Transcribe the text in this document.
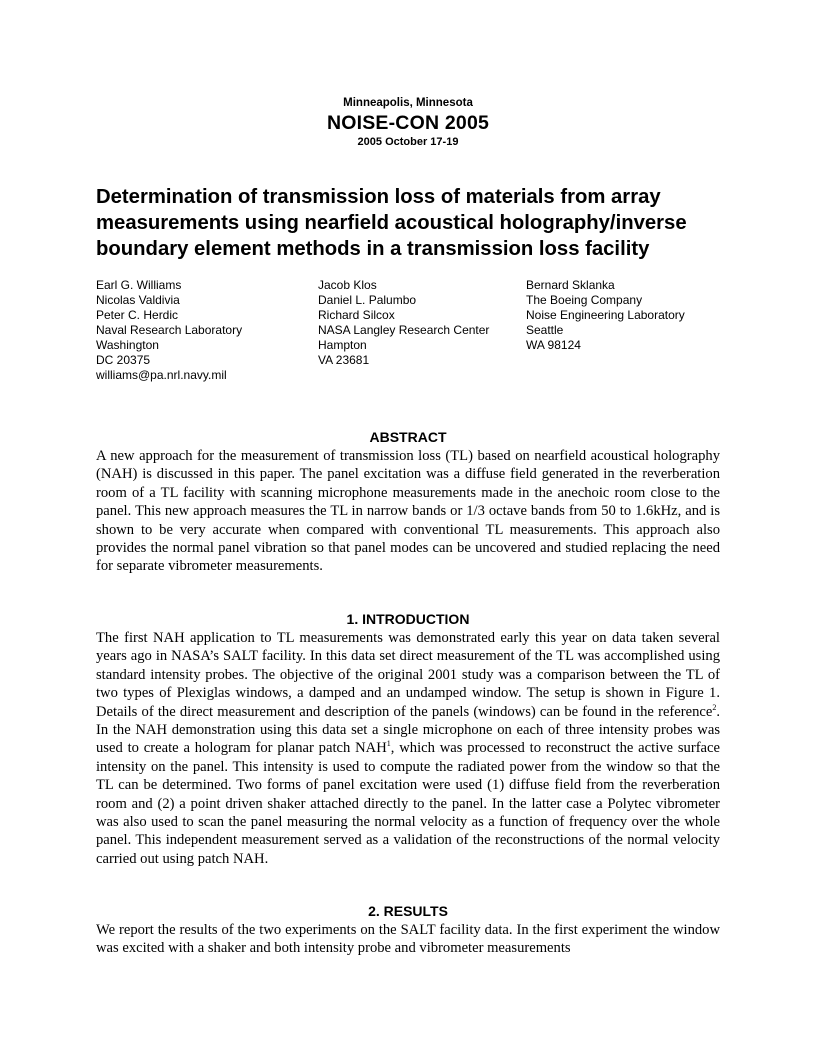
Minneapolis, Minnesota
NOISE-CON 2005
2005 October 17-19
Determination of transmission loss of materials from array measurements using nearfield acoustical holography/inverse boundary element methods in a transmission loss facility
Earl G. Williams
Nicolas Valdivia
Peter C. Herdic
Naval Research Laboratory
Washington
DC 20375
williams@pa.nrl.navy.mil
Jacob Klos
Daniel L. Palumbo
Richard Silcox
NASA Langley Research Center
Hampton
VA 23681
Bernard Sklanka
The Boeing Company
Noise Engineering Laboratory
Seattle
WA 98124
ABSTRACT

A new approach for the measurement of transmission loss (TL) based on nearfield acoustical holography (NAH) is discussed in this paper. The panel excitation was a diffuse field generated in the reverberation room of a TL facility with scanning microphone measurements made in the anechoic room close to the panel. This new approach measures the TL in narrow bands or 1/3 octave bands from 50 to 1.6kHz, and is shown to be very accurate when compared with conventional TL measurements. This approach also provides the normal panel vibration so that panel modes can be uncovered and studied replacing the need for separate vibrometer measurements.

1. INTRODUCTION

The first NAH application to TL measurements was demonstrated early this year on data taken several years ago in NASA’s SALT facility. In this data set direct measurement of the TL was accomplished using standard intensity probes. The objective of the original 2001 study was a comparison between the TL of two types of Plexiglas windows, a damped and an undamped window. The setup is shown in Figure 1. Details of the direct measurement and description of the panels (windows) can be found in the reference$^2$. In the NAH demonstration using this data set a single microphone on each of three intensity probes was used to create a hologram for planar patch NAH$^1$, which was processed to reconstruct the active surface intensity on the panel. This intensity is used to compute the radiated power from the window so that the TL can be determined. Two forms of panel excitation were used (1) diffuse field from the reverberation room and (2) a point driven shaker attached directly to the panel. In the latter case a Polytec vibrometer was also used to scan the panel measuring the normal velocity as a function of frequency over the whole panel. This independent measurement served as a validation of the reconstructions of the normal velocity carried out using patch NAH.

2. RESULTS

We report the results of the two experiments on the SALT facility data. In the first experiment the window was excited with a shaker and both intensity probe and vibrometer measurements
